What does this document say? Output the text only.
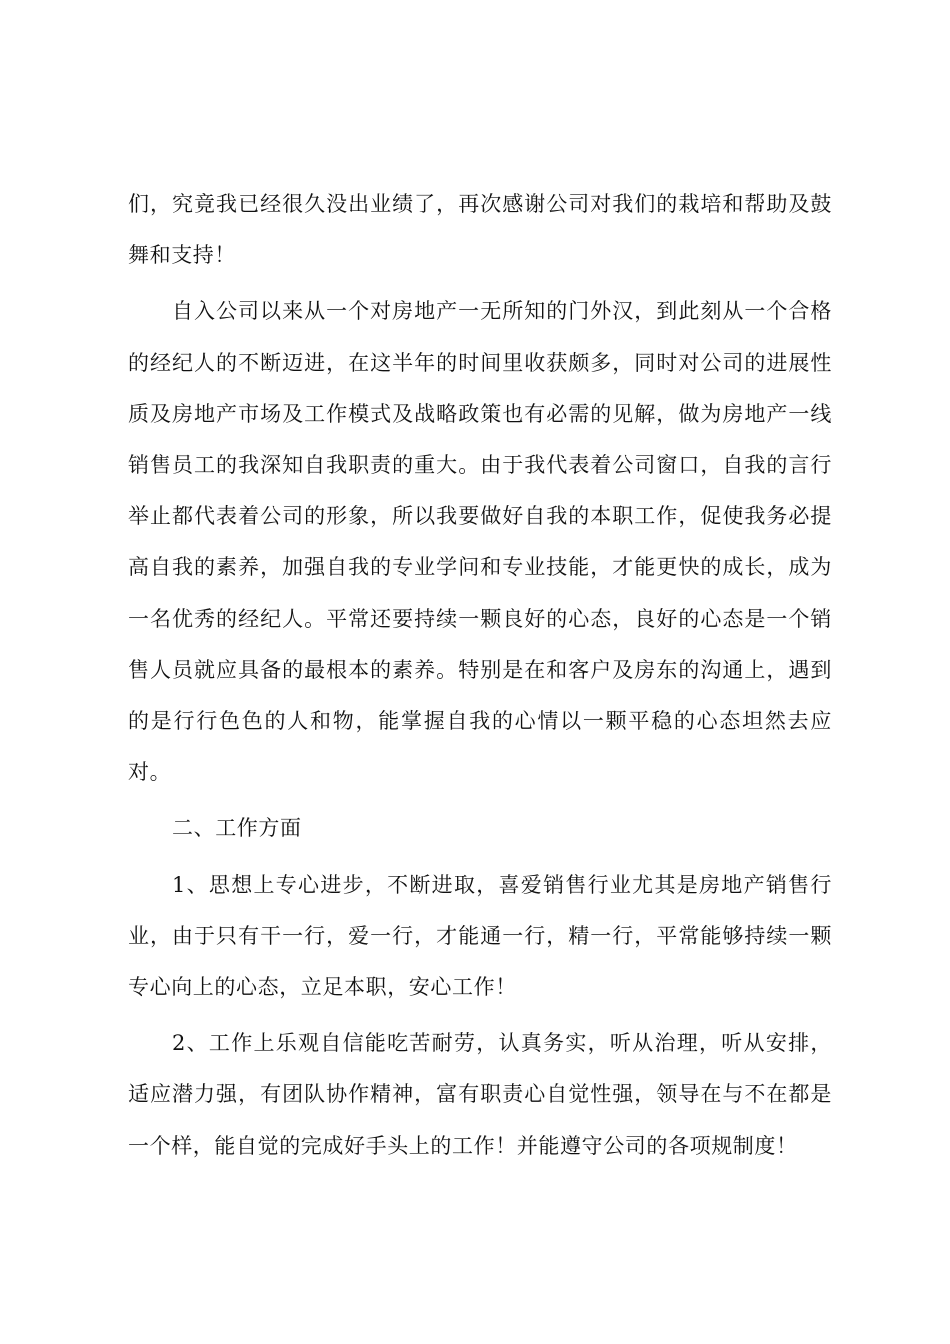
们，究竟我已经很久没出业绩了，再次感谢公司对我们的栽培和帮助及鼓舞和支持！

自入公司以来从一个对房地产一无所知的门外汉，到此刻从一个合格的经纪人的不断迈进，在这半年的时间里收获颇多，同时对公司的进展性质及房地产市场及工作模式及战略政策也有必需的见解，做为房地产一线销售员工的我深知自我职责的重大。由于我代表着公司窗口，自我的言行举止都代表着公司的形象，所以我要做好自我的本职工作，促使我务必提高自我的素养，加强自我的专业学问和专业技能，才能更快的成长，成为一名优秀的经纪人。平常还要持续一颗良好的心态，良好的心态是一个销售人员就应具备的最根本的素养。特别是在和客户及房东的沟通上，遇到的是行行色色的人和物，能掌握自我的心情以一颗平稳的心态坦然去应对。

二、工作方面

1、思想上专心进步，不断进取，喜爱销售行业尤其是房地产销售行业，由于只有干一行，爱一行，才能通一行，精一行，平常能够持续一颗专心向上的心态，立足本职，安心工作！

2、工作上乐观自信能吃苦耐劳，认真务实，听从治理，听从安排，适应潜力强，有团队协作精神，富有职责心自觉性强，领导在与不在都是一个样，能自觉的完成好手头上的工作！并能遵守公司的各项规制度！
